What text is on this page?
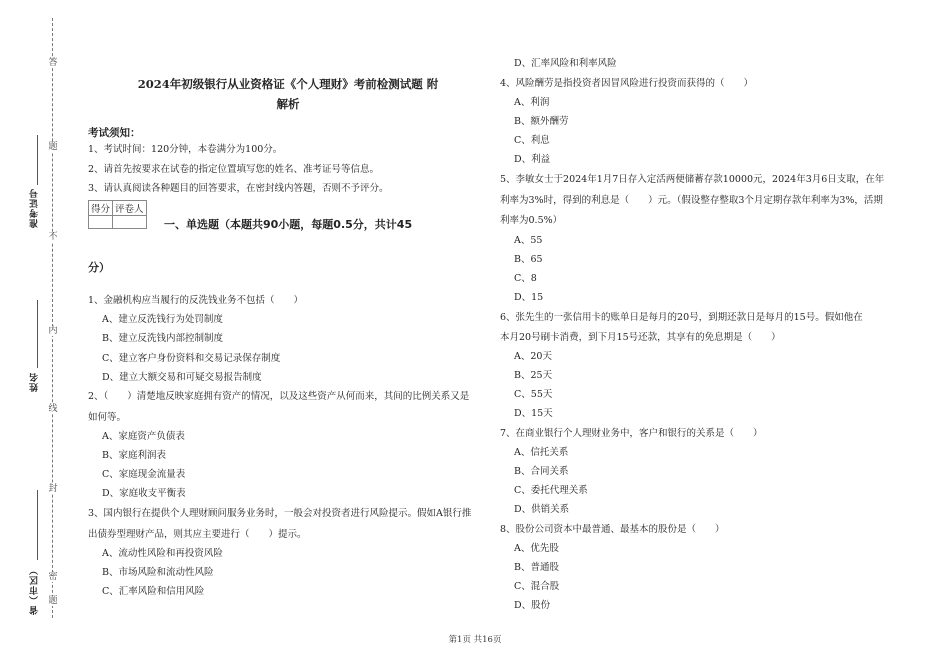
答
题
不
内
线
封
密
题
准考证号
姓名
省（市区）
2024年初级银行从业资格证《个人理财》考前检测试题 附
解析
考试须知：
1、考试时间：120分钟，本卷满分为100分。
2、请首先按要求在试卷的指定位置填写您的姓名、准考证号等信息。
3、请认真阅读各种题目的回答要求，在密封线内答题，否则不予评分。
得分	评卷人

一、单选题（本题共90小题，每题0.5分，共计45
分）
1、金融机构应当履行的反洗钱业务不包括（　　）
A、建立反洗钱行为处罚制度
B、建立反洗钱内部控制制度
C、建立客户身份资料和交易记录保存制度
D、建立大额交易和可疑交易报告制度
2、（　　）清楚地反映家庭拥有资产的情况，以及这些资产从何而来，其间的比例关系又是
如何等。
A、家庭资产负债表
B、家庭利润表
C、家庭现金流量表
D、家庭收支平衡表
3、国内银行在提供个人理财顾问服务业务时，一般会对投资者进行风险提示。假如A银行推
出债券型理财产品，则其应主要进行（　　）提示。
A、流动性风险和再投资风险
B、市场风险和流动性风险
C、汇率风险和信用风险
D、汇率风险和利率风险
4、风险酬劳是指投资者因冒风险进行投资而获得的（　　）
A、利润
B、额外酬劳
C、利息
D、利益
5、李敏女士于2024年1月7日存入定活两便储蓄存款10000元，2024年3月6日支取，在年
利率为3%时，得到的利息是（　　）元。（假设整存整取3个月定期存款年利率为3%，活期
利率为0.5%）
A、55
B、65
C、8
D、15
6、张先生的一张信用卡的账单日是每月的20号，到期还款日是每月的15号。假如他在
本月20号刷卡消费，到下月15号还款，其享有的免息期是（　　）
A、20天
B、25天
C、55天
D、15天
7、在商业银行个人理财业务中，客户和银行的关系是（　　）
A、信托关系
B、合同关系
C、委托代理关系
D、供销关系
8、股份公司资本中最普通、最基本的股份是（　　）
A、优先股
B、普通股
C、混合股
D、股份
第1页 共16页
